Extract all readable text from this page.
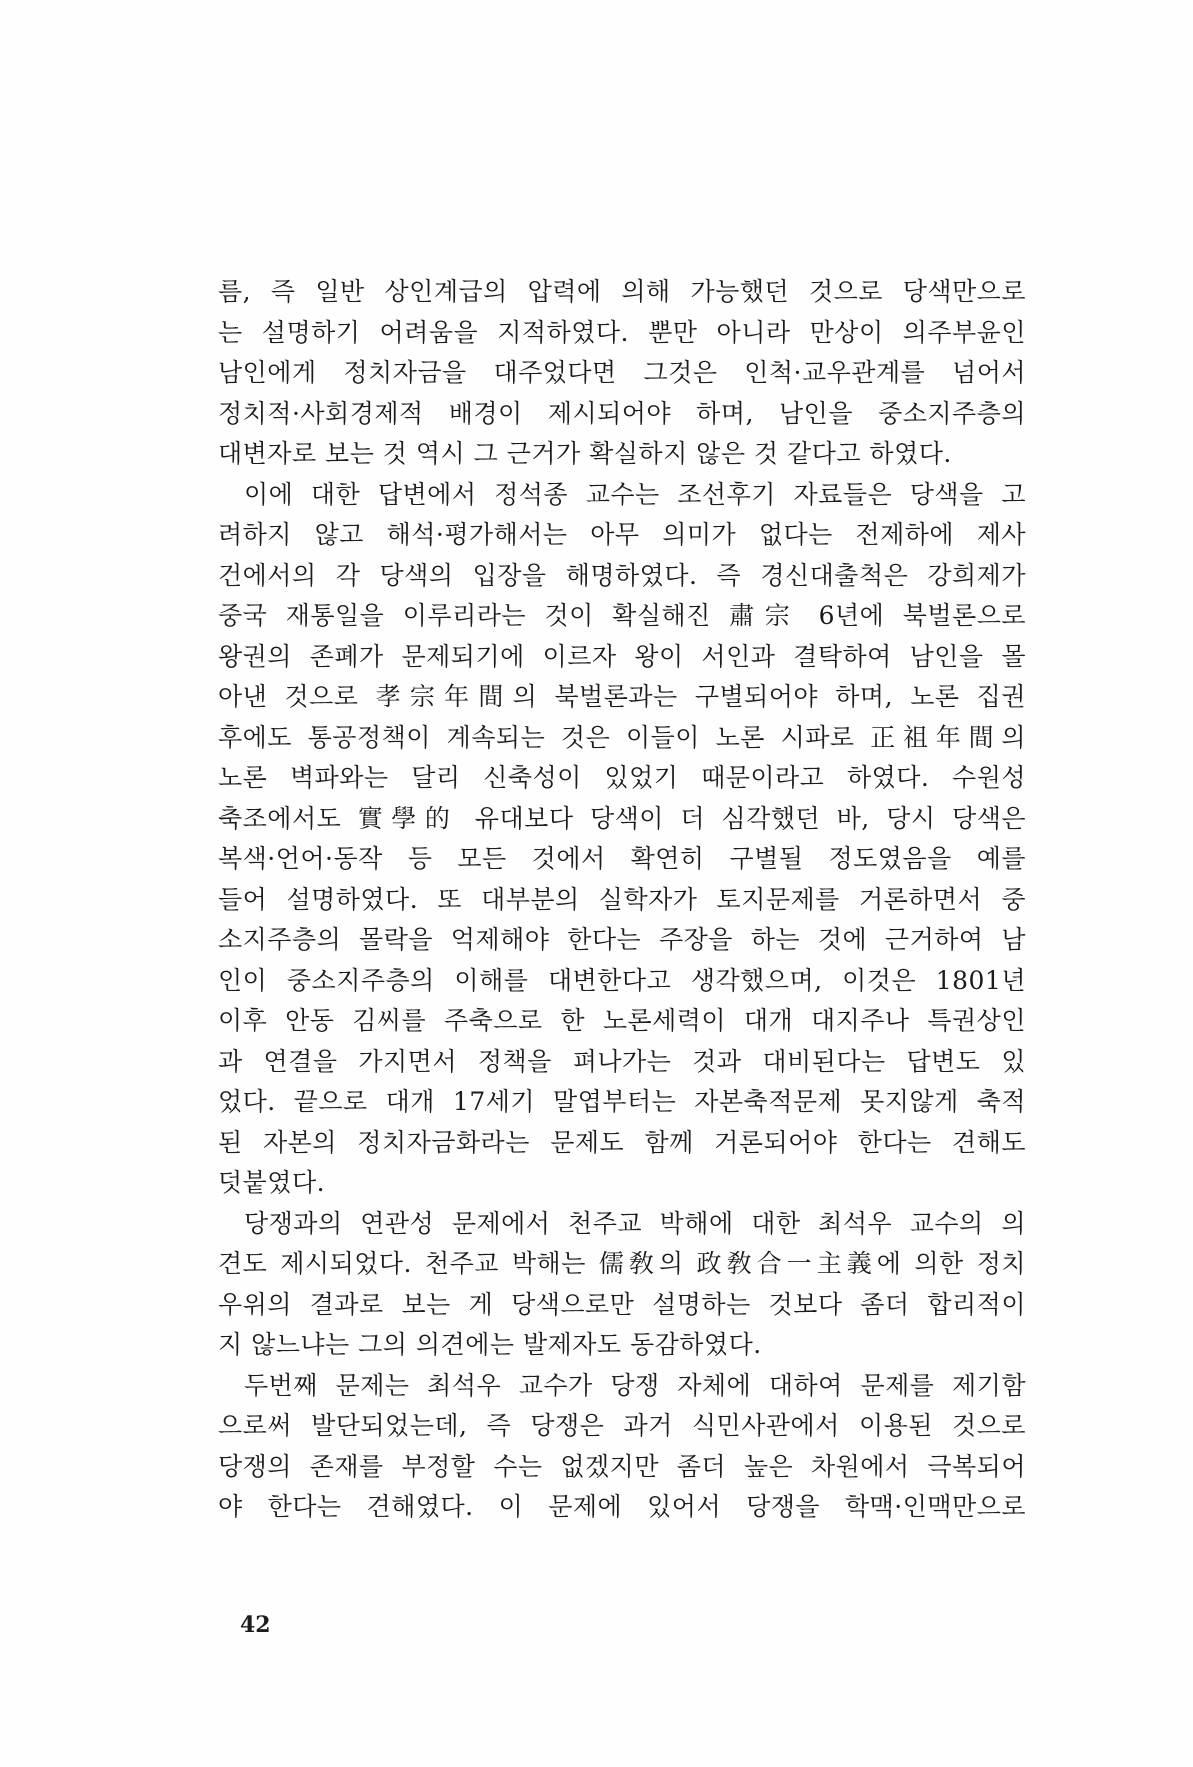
름, 즉 일반 상인계급의 압력에 의해 가능했던 것으로 당색만으로
는 설명하기 어려움을 지적하였다. 뿐만 아니라 만상이 의주부윤인
남인에게 정치자금을 대주었다면 그것은 인척·교우관계를 넘어서
정치적·사회경제적 배경이 제시되어야 하며, 남인을 중소지주층의
대변자로 보는 것 역시 그 근거가 확실하지 않은 것 같다고 하였다.
이에 대한 답변에서 정석종 교수는 조선후기 자료들은 당색을 고
려하지 않고 해석·평가해서는 아무 의미가 없다는 전제하에 제사
건에서의 각 당색의 입장을 해명하였다. 즉 경신대출척은 강희제가
중국 재통일을 이루리라는 것이 확실해진 肅宗 6년에 북벌론으로
왕권의 존폐가 문제되기에 이르자 왕이 서인과 결탁하여 남인을 몰
아낸 것으로 孝宗年間의 북벌론과는 구별되어야 하며, 노론 집권
후에도 통공정책이 계속되는 것은 이들이 노론 시파로 正祖年間의
노론 벽파와는 달리 신축성이 있었기 때문이라고 하였다. 수원성
축조에서도 實學的 유대보다 당색이 더 심각했던 바, 당시 당색은
복색·언어·동작 등 모든 것에서 확연히 구별될 정도였음을 예를
들어 설명하였다. 또 대부분의 실학자가 토지문제를 거론하면서 중
소지주층의 몰락을 억제해야 한다는 주장을 하는 것에 근거하여 남
인이 중소지주층의 이해를 대변한다고 생각했으며, 이것은 1801년
이후 안동 김씨를 주축으로 한 노론세력이 대개 대지주나 특권상인
과 연결을 가지면서 정책을 펴나가는 것과 대비된다는 답변도 있
었다. 끝으로 대개 17세기 말엽부터는 자본축적문제 못지않게 축적
된 자본의 정치자금화라는 문제도 함께 거론되어야 한다는 견해도
덧붙였다.
당쟁과의 연관성 문제에서 천주교 박해에 대한 최석우 교수의 의
견도 제시되었다. 천주교 박해는 儒敎의 政敎合一主義에 의한 정치
우위의 결과로 보는 게 당색으로만 설명하는 것보다 좀더 합리적이
지 않느냐는 그의 의견에는 발제자도 동감하였다.
두번째 문제는 최석우 교수가 당쟁 자체에 대하여 문제를 제기함
으로써 발단되었는데, 즉 당쟁은 과거 식민사관에서 이용된 것으로
당쟁의 존재를 부정할 수는 없겠지만 좀더 높은 차원에서 극복되어
야 한다는 견해였다. 이 문제에 있어서 당쟁을 학맥·인맥만으로
42
